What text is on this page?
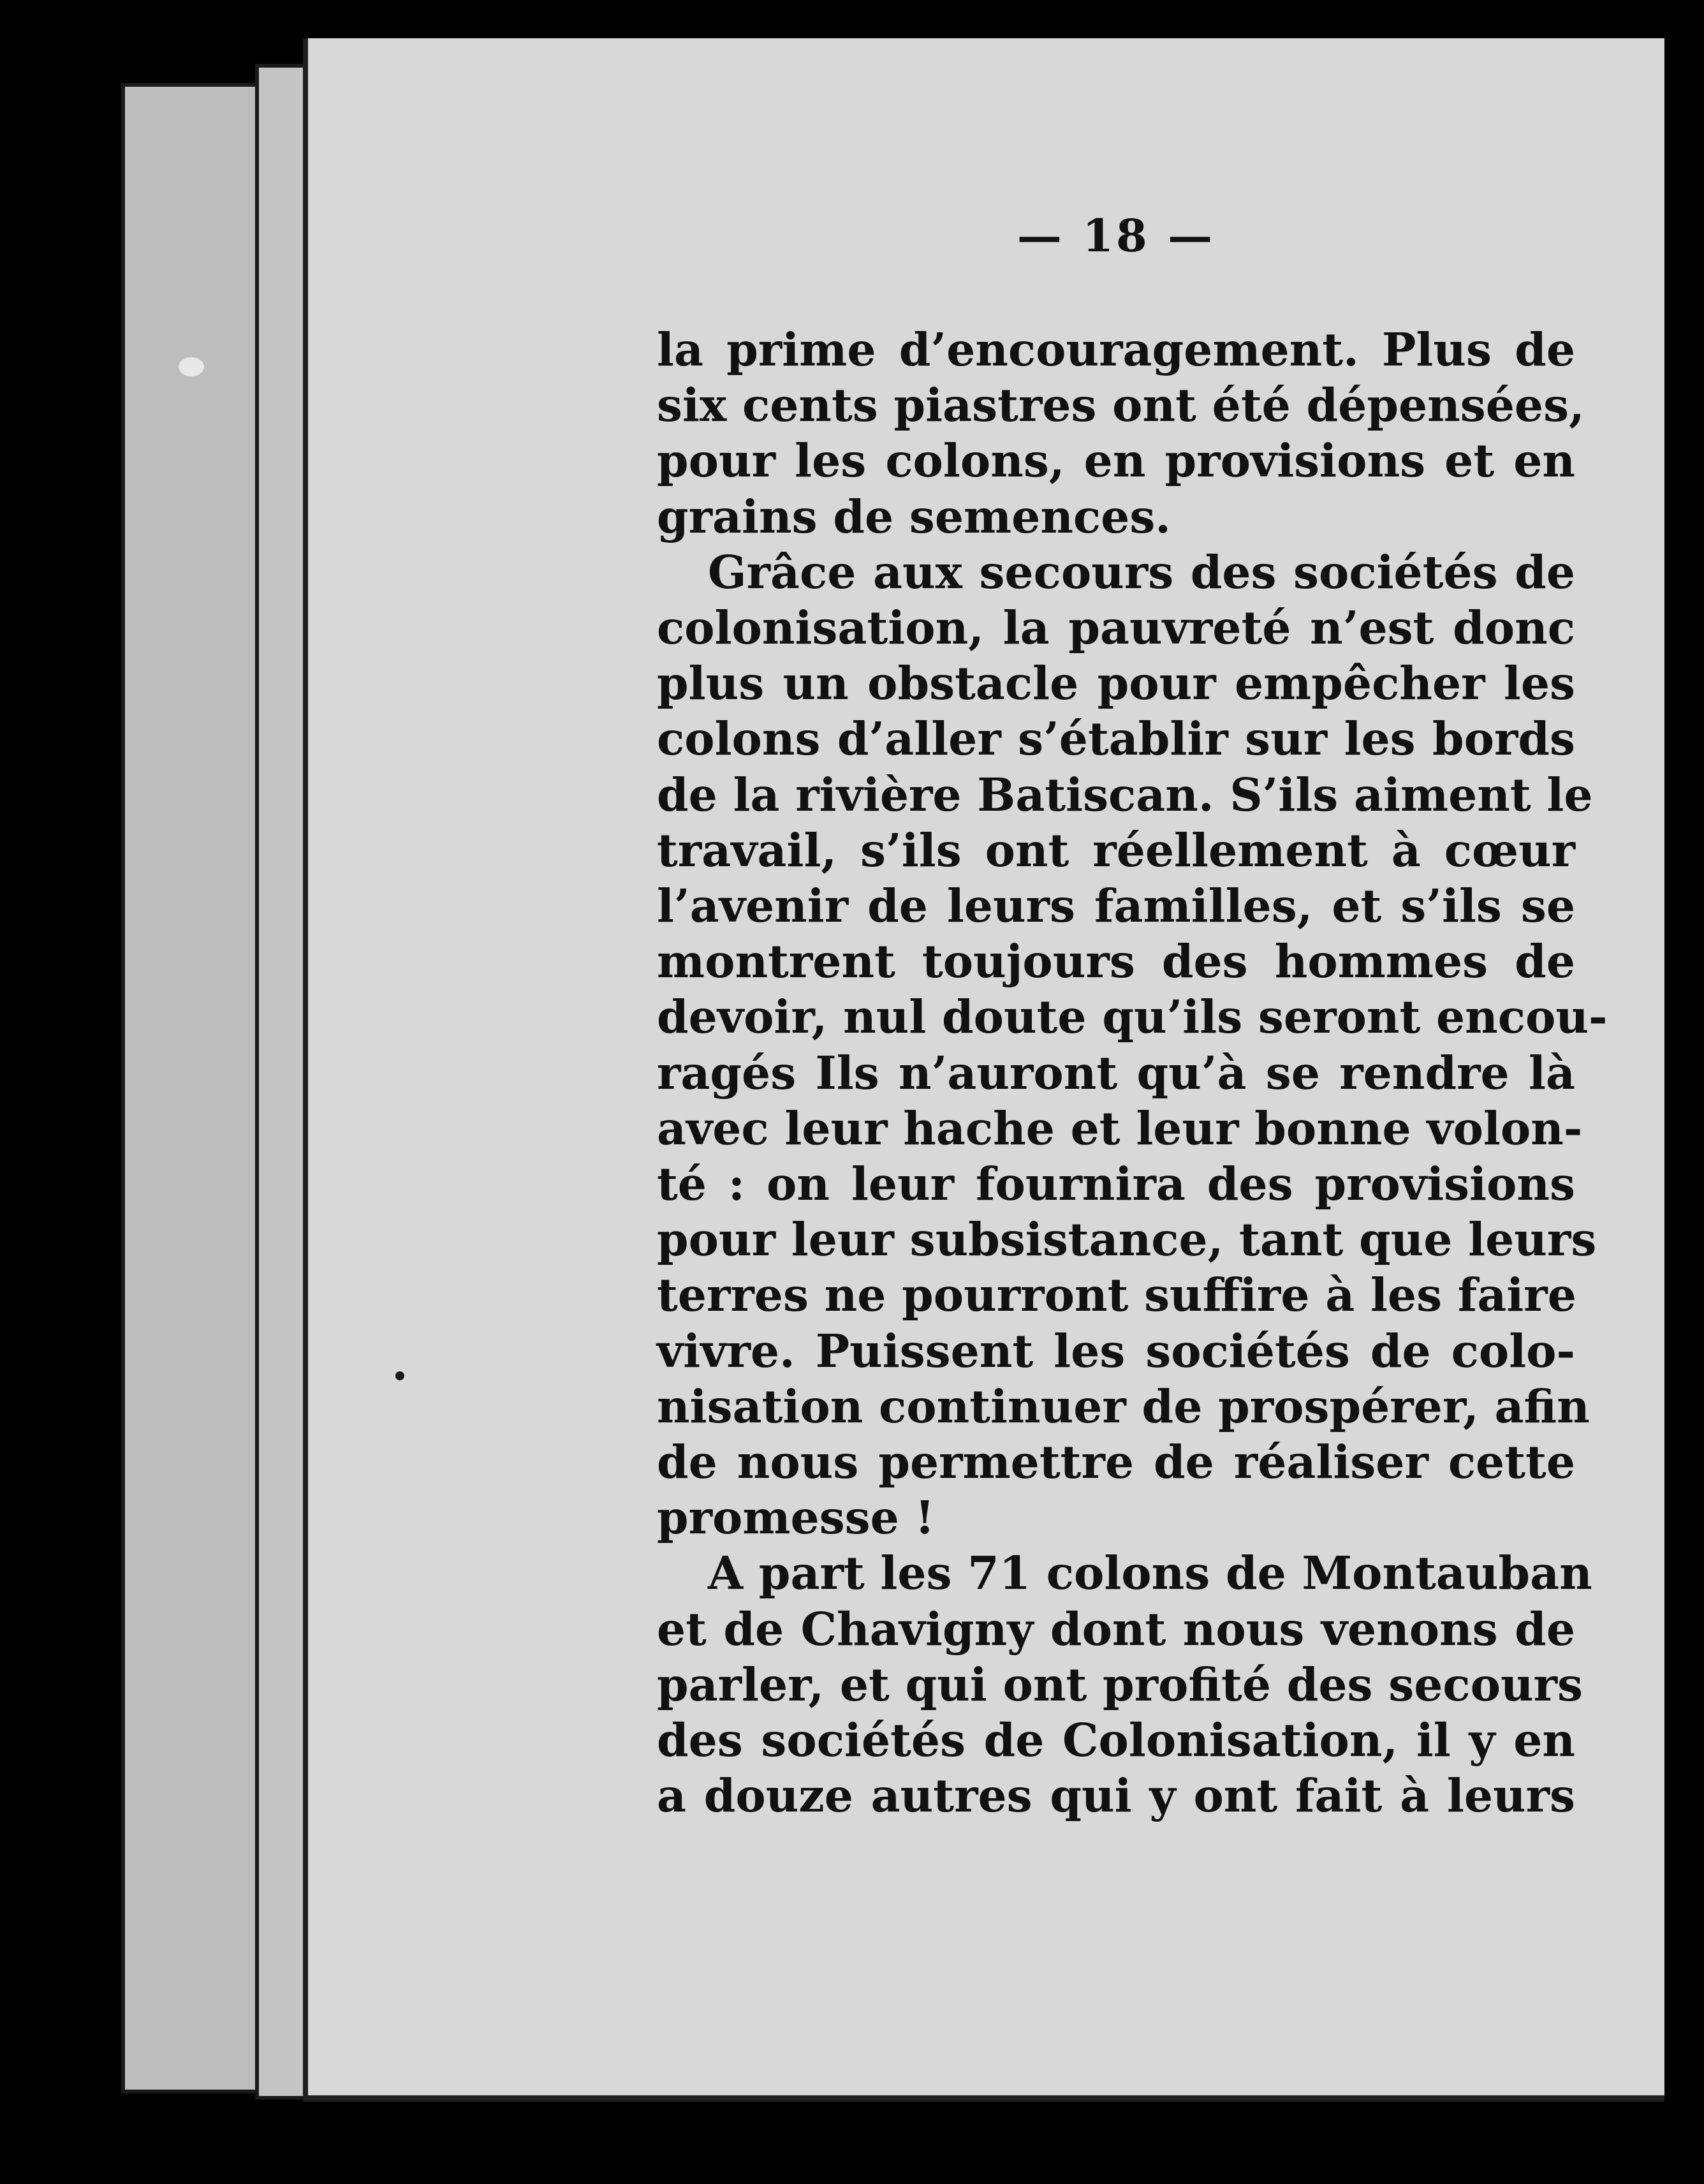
— 18 —
la prime d’encouragement. Plus de
six cents piastres ont été dépensées,
pour les colons, en provisions et en
grains de semences.
Grâce aux secours des sociétés de
colonisation, la pauvreté n’est donc
plus un obstacle pour empêcher les
colons d’aller s’établir sur les bords
de la rivière Batiscan. S’ils aiment le
travail, s’ils ont réellement à cœur
l’avenir de leurs familles, et s’ils se
montrent toujours des hommes de
devoir, nul doute qu’ils seront encou-
ragés Ils n’auront qu’à se rendre là
avec leur hache et leur bonne volon-
té : on leur fournira des provisions
pour leur subsistance, tant que leurs
terres ne pourront suffire à les faire
vivre. Puissent les sociétés de colo-
nisation continuer de prospérer, afin
de nous permettre de réaliser cette
promesse !
A part les 71 colons de Montauban
et de Chavigny dont nous venons de
parler, et qui ont profité des secours
des sociétés de Colonisation, il y en
a douze autres qui y ont fait à leurs
